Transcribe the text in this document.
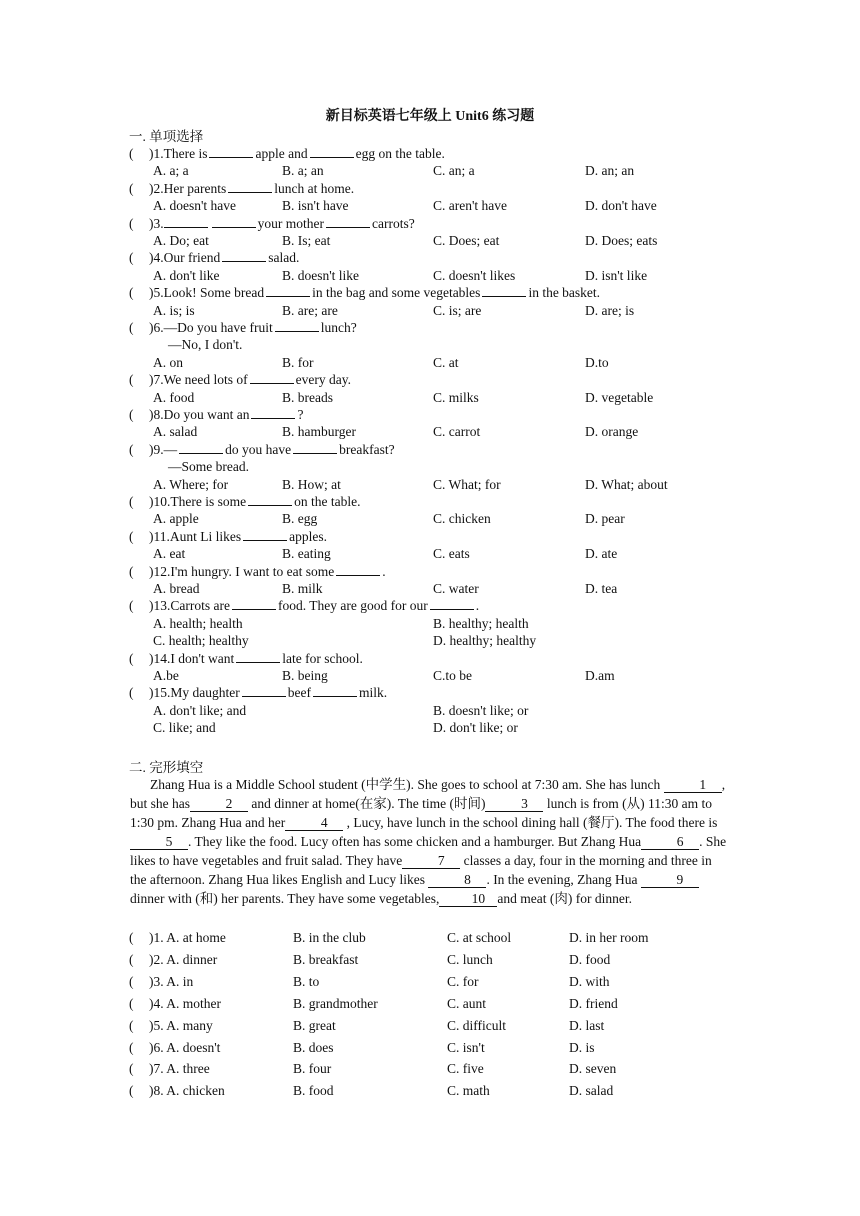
新目标英语七年级上 Unit6 练习题
一. 单项选择
( )1.There is	apple and	egg on the table.
A. a; a	B. a; an	C. an; a	D. an; an
( )2.Her parents	lunch at home.
A. doesn't have	B. isn't have	C. aren't have	D. don't have
( )3.	your mother	carrots?
A. Do; eat	B. Is; eat	C. Does; eat	D. Does; eats
( )4.Our friend	salad.
A. don't like	B. doesn't like	C. doesn't likes	D. isn't like
( )5.Look! Some bread	in the bag and some vegetables	in the basket.
A. is; is	B. are; are	C. is; are	D. are; is
( )6.—Do you have fruit	lunch?
—No, I don't.
A. on	B. for	C. at	D.to
( )7.We need lots of	every day.
A. food	B. breads	C. milks	D. vegetable
( )8.Do you want an	?
A. salad	B. hamburger	C. carrot	D. orange
( )9.—	do you have	breakfast?
—Some bread.
A. Where; for	B. How; at	C. What; for	D. What; about
( )10.There is some	on the table.
A. apple	B. egg	C. chicken	D. pear
( )11.Aunt Li likes	apples.
A. eat	B. eating	C. eats	D. ate
( )12.I'm hungry. I want to eat some	.
A. bread	B. milk	C. water	D. tea
( )13.Carrots are	food. They are good for our	.
A. health; health	B. healthy; health
C. health; healthy	D. healthy; healthy
( )14.I don't want	late for school.
A.be	B. being	C.to be	D.am
( )15.My daughter	beef	milk.
A. don't like; and	B. doesn't like; or
C. like; and	D. don't like; or
二. 完形填空

Zhang Hua is a Middle School student (中学生). She goes to school at 7:30 am. She has lunch	1 , but she has	2 and dinner at home(在家). The time (时间)	3 lunch is from (从) 11:30 am to 1:30 pm. Zhang Hua and her	4 , Lucy, have lunch in the school dining hall (餐厅). The food there is5 . They like the food. Lucy often has some chicken and a hamburger. But Zhang Hua	6 . She likes to have vegetables and fruit salad. They have	7 classes a day, four in the morning and three in the afternoon. Zhang Hua likes English and Lucy likes	8 . In the evening, Zhang Hua	9dinner with (和) her parents. They have some vegetables, 10 and meat (肉) for dinner.

( )1. A. at home	B. in the club	C. at school	D. in her room
( )2. A. dinner	B. breakfast	C. lunch	D. food
( )3. A. in	B. to	C. for	D. with
( )4. A. mother	B. grandmother	C. aunt	D. friend
( )5. A. many	B. great	C. difficult	D. last
( )6. A. doesn't	B. does	C. isn't	D. is
( )7. A. three	B. four	C. five	D. seven
( )8. A. chicken	B. food	C. math	D. salad
